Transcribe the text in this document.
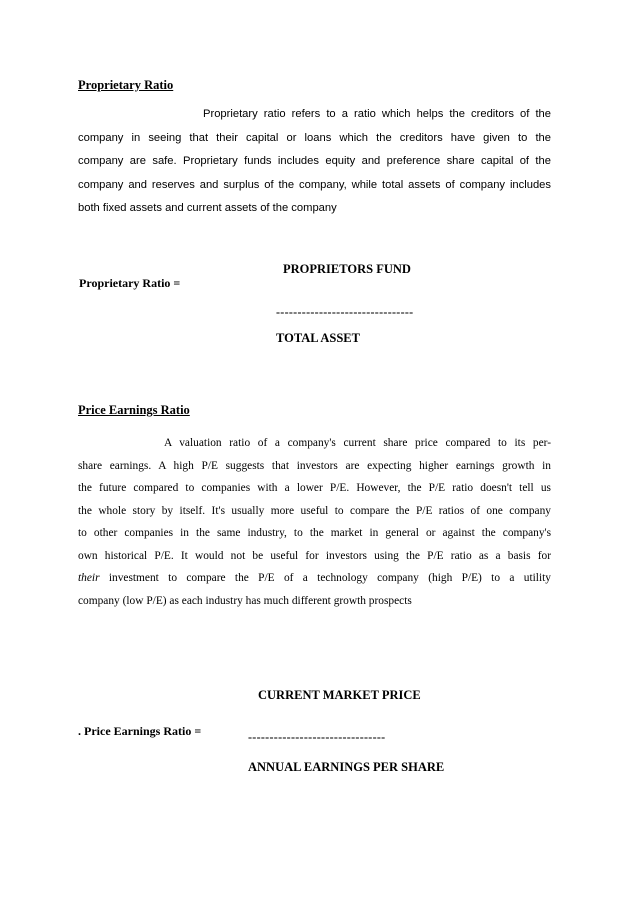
Proprietary Ratio
Proprietary ratio refers to a ratio which helps the creditors of the
company in seeing that their capital or loans which the creditors have given to the
company are safe. Proprietary funds includes equity and preference share capital of the
company and reserves and surplus of the company, while total assets of company includes
both fixed assets and current assets of the company
PROPRIETORS FUND
Proprietary Ratio =
--------------------------------
TOTAL ASSET
Price Earnings Ratio
A valuation ratio of a company's current share price compared to its per-
share earnings. A high P/E suggests that investors are expecting higher earnings growth in
the future compared to companies with a lower P/E. However, the P/E ratio doesn't tell us
the whole story by itself. It's usually more useful to compare the P/E ratios of one company
to other companies in the same industry, to the market in general or against the company's
own historical P/E. It would not be useful for investors using the P/E ratio as a basis for
their investment to compare the P/E of a technology company (high P/E) to a utility
company (low P/E) as each industry has much different growth prospects
CURRENT MARKET PRICE
. Price Earnings Ratio =	--------------------------------
ANNUAL EARNINGS PER SHARE
